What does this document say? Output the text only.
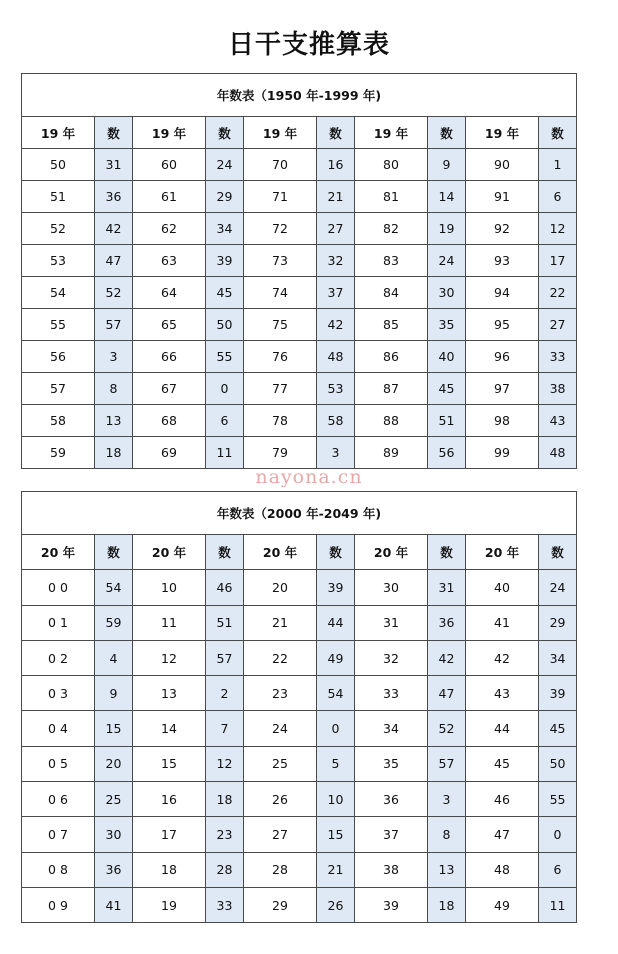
日干支推算表
年数表（1950 年-1999 年)									
19 年	数	19 年	数	19 年	数	19 年	数	19 年	数
50	31	60	24	70	16	80	9	90	1
51	36	61	29	71	21	81	14	91	6
52	42	62	34	72	27	82	19	92	12
53	47	63	39	73	32	83	24	93	17
54	52	64	45	74	37	84	30	94	22
55	57	65	50	75	42	85	35	95	27
56	3	66	55	76	48	86	40	96	33
57	8	67	0	77	53	87	45	97	38
58	13	68	6	78	58	88	51	98	43
59	18	69	11	79	3	89	56	99	48
nayona.cn
年数表（2000 年-2049 年)									
20 年	数	20 年	数	20 年	数	20 年	数	20 年	数
0 0	54	10	46	20	39	30	31	40	24
0 1	59	11	51	21	44	31	36	41	29
0 2	4	12	57	22	49	32	42	42	34
0 3	9	13	2	23	54	33	47	43	39
0 4	15	14	7	24	0	34	52	44	45
0 5	20	15	12	25	5	35	57	45	50
0 6	25	16	18	26	10	36	3	46	55
0 7	30	17	23	27	15	37	8	47	0
0 8	36	18	28	28	21	38	13	48	6
0 9	41	19	33	29	26	39	18	49	11
